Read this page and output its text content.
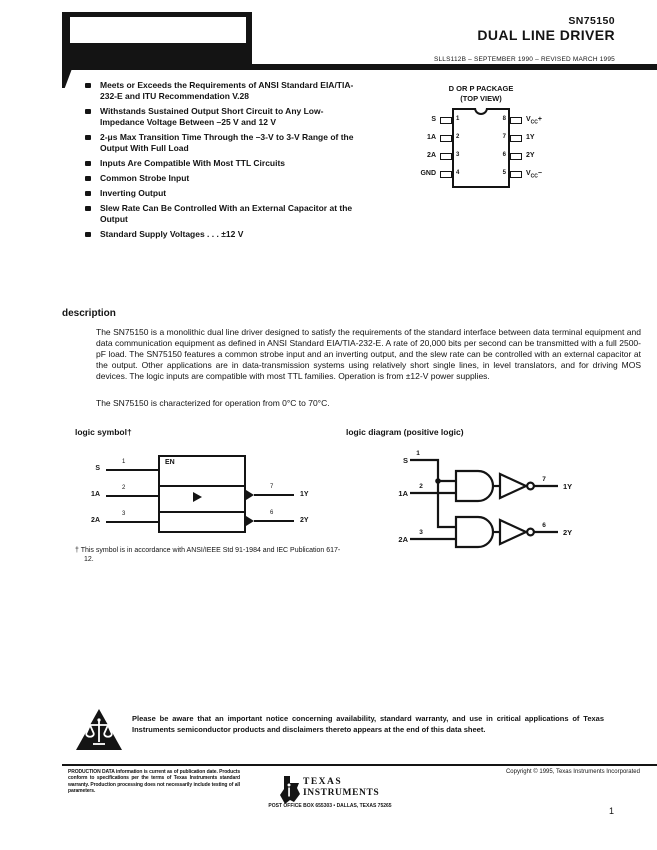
SN75150
DUAL LINE DRIVER
SLLS112B – SEPTEMBER 1990 – REVISED MARCH 1995
Meets or Exceeds the Requirements of ANSI Standard EIA/TIA-232-E and ITU Recommendation V.28
Withstands Sustained Output Short Circuit to Any Low-Impedance Voltage Between –25 V and 12 V
2-μs Max Transition Time Through the –3-V to 3-V Range of the Output With Full Load
Inputs Are Compatible With Most TTL Circuits
Common Strobe Input
Inverting Output
Slew Rate Can Be Controlled With an External Capacitor at the Output
Standard Supply Voltages . . . ±12 V
D OR P PACKAGE
(TOP VIEW)
1
2
3
4
S
1A
2A
GND
8
7
6
5
$V_{CC}+$
1Y
2Y
$V_{CC}-$
description
The SN75150 is a monolithic dual line driver designed to satisfy the requirements of the standard interface between data terminal equipment and data communication equipment as defined in ANSI Standard EIA/TIA-232-E. A rate of 20,000 bits per second can be transmitted with a full 2500-pF load. The SN75150 features a common strobe input and an inverting output, and the slew rate can be controlled with an external capacitor at the output. Other applications are in data-transmission systems using relatively short single lines, in level translators, and for driving MOS devices. The logic inputs are compatible with most TTL families. Operation is from ±12-V power supplies.
The SN75150 is characterized for operation from 0°C to 70°C.
logic symbol†
EN
S
1A
2A
1
2
3
7
6
1Y
2Y
logic diagram (positive logic)
S
1
1A
2
2A
3
7
1Y
6
2Y
† This symbol is in accordance with ANSI/IEEE Std 91-1984 and IEC Publication 617-12.
Please be aware that an important notice concerning availability, standard warranty, and use in critical applications of Texas Instruments semiconductor products and disclaimers thereto appears at the end of this data sheet.
PRODUCTION DATA information is current as of publication date. Products conform to specifications per the terms of Texas Instruments standard warranty. Production processing does not necessarily include testing of all parameters.
TEXAS
INSTRUMENTS
POST OFFICE BOX 655303 • DALLAS, TEXAS 75265
Copyright © 1995, Texas Instruments Incorporated
1
